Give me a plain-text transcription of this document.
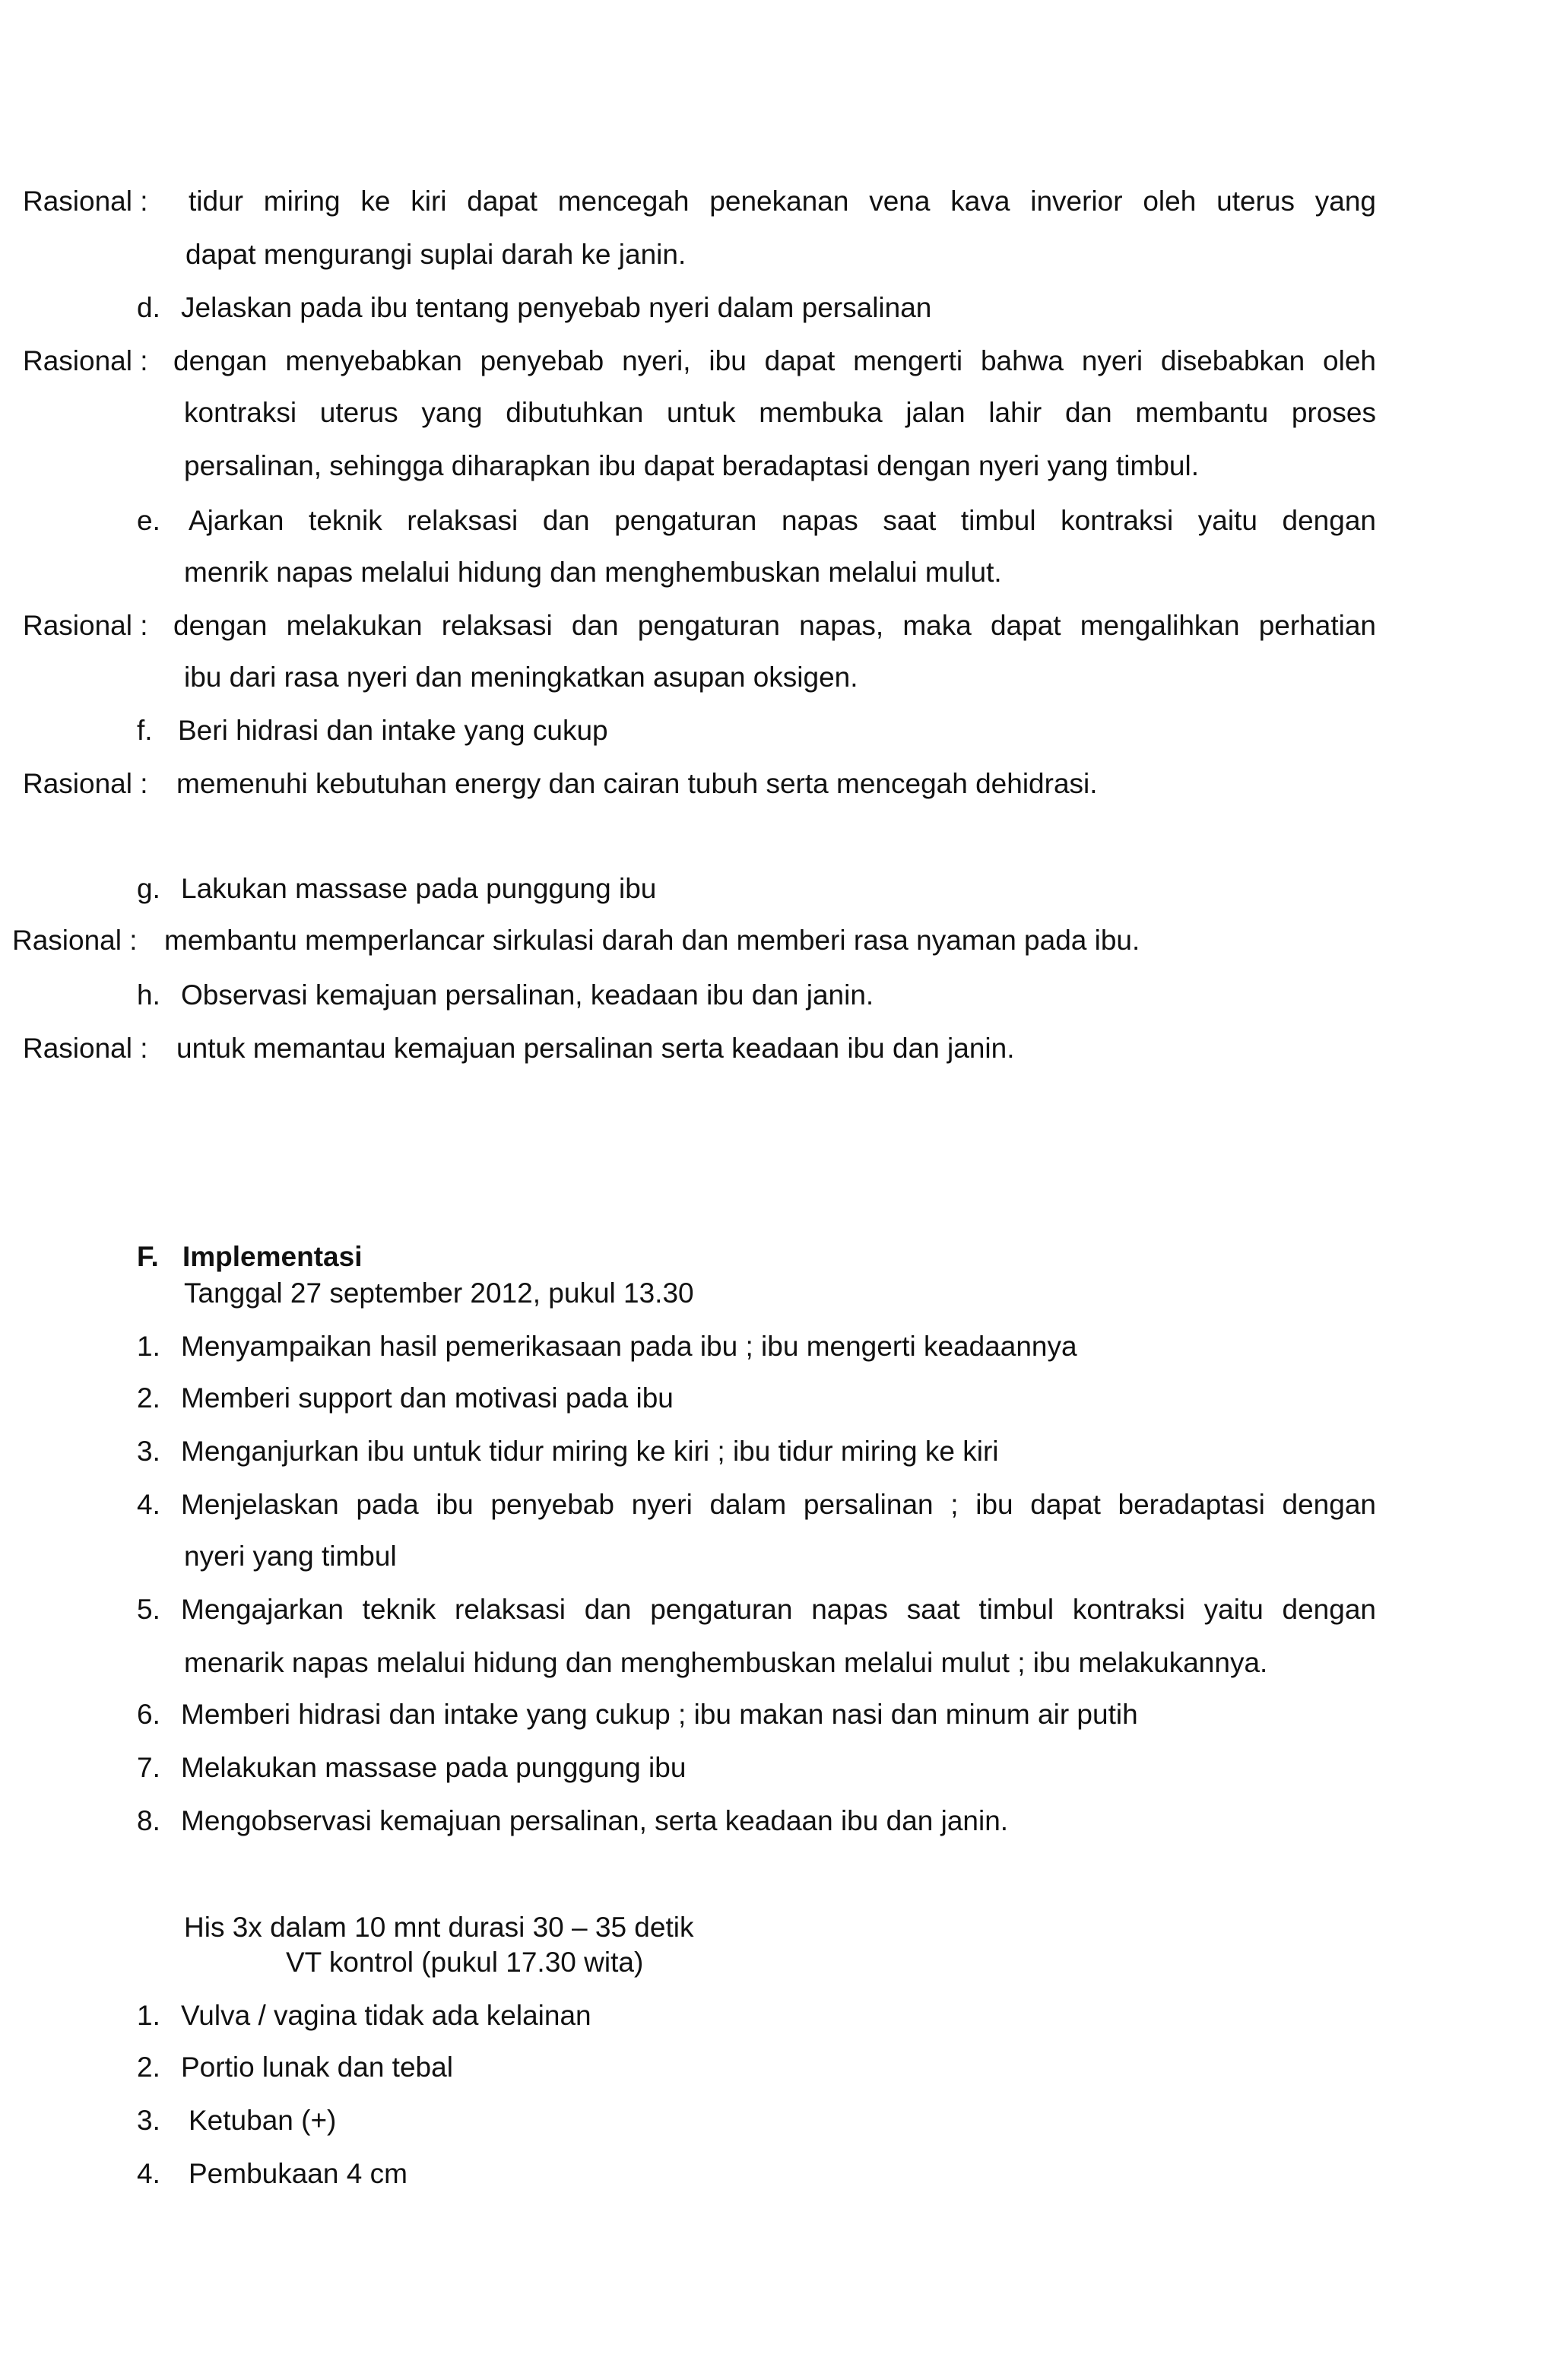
Rasional : tidur miring ke kiri dapat mencegah penekanan vena kava inverior oleh uterus yang

dapat mengurangi suplai darah ke janin.

d. Jelaskan pada ibu tentang penyebab nyeri dalam persalinan

Rasional : dengan menyebabkan penyebab nyeri, ibu dapat mengerti bahwa nyeri disebabkan oleh

kontraksi uterus yang dibutuhkan untuk membuka jalan lahir dan membantu proses

persalinan, sehingga diharapkan ibu dapat beradaptasi dengan nyeri yang timbul.

e. Ajarkan teknik relaksasi dan pengaturan napas saat timbul kontraksi yaitu dengan

menrik napas melalui hidung dan menghembuskan melalui mulut.

Rasional : dengan melakukan relaksasi dan pengaturan napas, maka dapat mengalihkan perhatian

ibu dari rasa nyeri dan meningkatkan asupan oksigen.

f. Beri hidrasi dan intake yang cukup

Rasional : memenuhi kebutuhan energy dan cairan tubuh serta mencegah dehidrasi.

g. Lakukan massase pada punggung ibu

Rasional : membantu memperlancar sirkulasi darah dan memberi rasa nyaman pada ibu.

h. Observasi kemajuan persalinan, keadaan ibu dan janin.

Rasional : untuk memantau kemajuan persalinan serta keadaan ibu dan janin.

F. Implementasi

Tanggal 27 september 2012, pukul 13.30

1. Menyampaikan hasil pemerikasaan pada ibu ; ibu mengerti keadaannya

2. Memberi support dan motivasi pada ibu

3. Menganjurkan ibu untuk tidur miring ke kiri ; ibu tidur miring ke kiri

4. Menjelaskan pada ibu penyebab nyeri dalam persalinan ; ibu dapat beradaptasi dengan

nyeri yang timbul

5. Mengajarkan teknik relaksasi dan pengaturan napas saat timbul kontraksi yaitu dengan

menarik napas melalui hidung dan menghembuskan melalui mulut ; ibu melakukannya.

6. Memberi hidrasi dan intake yang cukup ; ibu makan nasi dan minum air putih

7. Melakukan massase pada punggung ibu

8. Mengobservasi kemajuan persalinan, serta keadaan ibu dan janin.

His 3x dalam 10 mnt durasi 30 – 35 detik

VT kontrol (pukul 17.30 wita)

1. Vulva / vagina tidak ada kelainan

2. Portio lunak dan tebal

3. Ketuban (+)

4. Pembukaan 4 cm
